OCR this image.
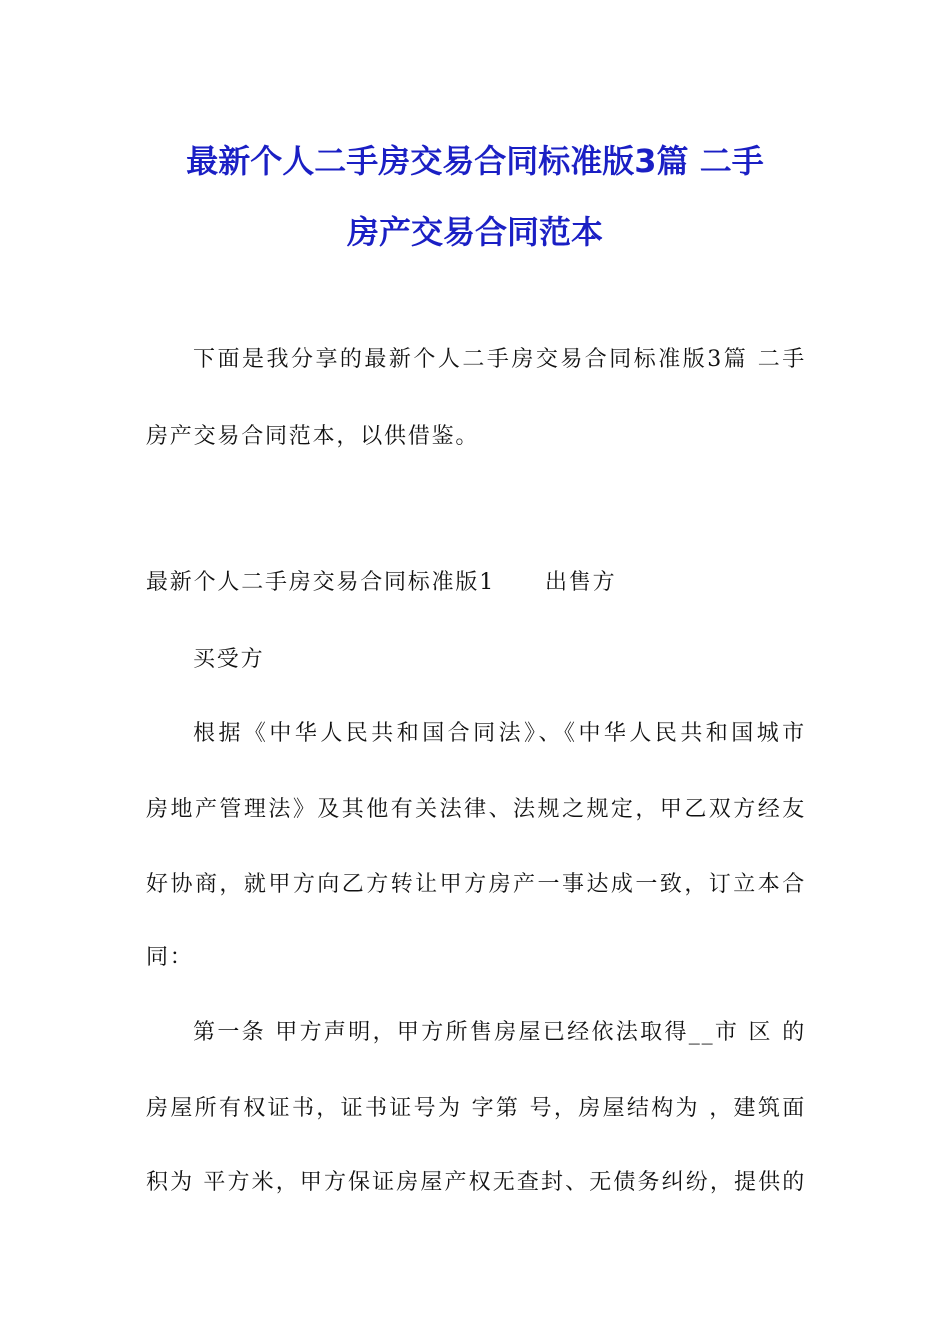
最新个人二手房交易合同标准版3篇 二手
房产交易合同范本
下面是我分享的最新个人二手房交易合同标准版3篇 二手
房产交易合同范本，以供借鉴。
最新个人二手房交易合同标准版1 出售方
买受方
根据《中华人民共和国合同法》、《中华人民共和国城市
房地产管理法》及其他有关法律、法规之规定，甲乙双方经友
好协商，就甲方向乙方转让甲方房产一事达成一致，订立本合
同：
第一条 甲方声明，甲方所售房屋已经依法取得__市 区 的
房屋所有权证书，证书证号为 字第 号，房屋结构为 ，建筑面
积为 平方米，甲方保证房屋产权无查封、无债务纠纷，提供的
